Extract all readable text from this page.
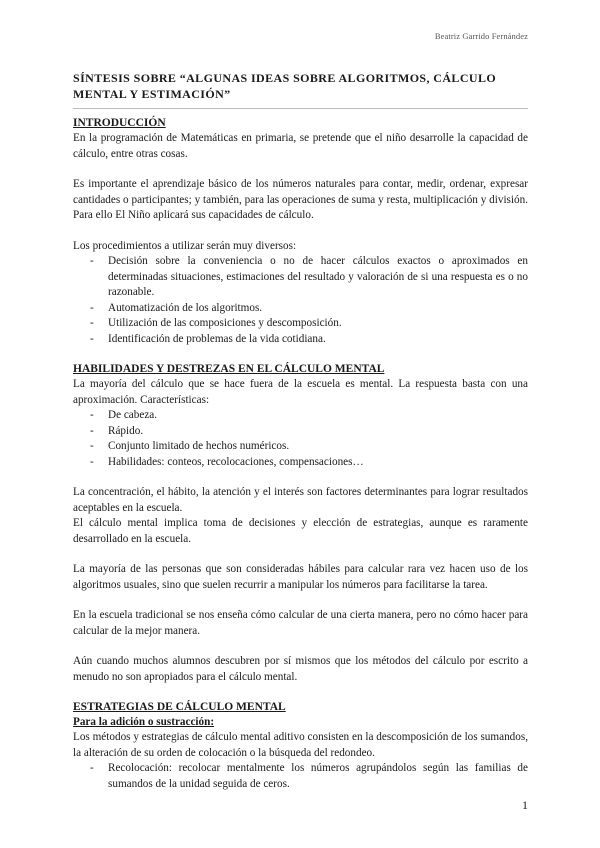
Beatriz Garrido Fernández
SÍNTESIS SOBRE “ALGUNAS IDEAS SOBRE ALGORITMOS, CÁLCULO MENTAL Y ESTIMACIÓN”
INTRODUCCIÓN

En la programación de Matemáticas en primaria, se pretende que el niño desarrolle la capacidad de cálculo, entre otras cosas.

Es importante el aprendizaje básico de los números naturales para contar, medir, ordenar, expresar cantidades o participantes; y también, para las operaciones de suma y resta, multiplicación y división. Para ello El Niño aplicará sus capacidades de cálculo.

Los procedimientos a utilizar serán muy diversos:

- Decisión sobre la conveniencia o no de hacer cálculos exactos o aproximados en determinadas situaciones, estimaciones del resultado y valoración de si una respuesta es o no razonable.
- Automatización de los algoritmos.
- Utilización de las composiciones y descomposición.
- Identificación de problemas de la vida cotidiana.
HABILIDADES Y DESTREZAS EN EL CÁLCULO MENTAL

La mayoría del cálculo que se hace fuera de la escuela es mental. La respuesta basta con una aproximación. Características:

- De cabeza.
- Rápido.
- Conjunto limitado de hechos numéricos.
- Habilidades: conteos, recolocaciones, compensaciones…

La concentración, el hábito, la atención y el interés son factores determinantes para lograr resultados aceptables en la escuela.

El cálculo mental implica toma de decisiones y elección de estrategias, aunque es raramente desarrollado en la escuela.

La mayoría de las personas que son consideradas hábiles para calcular rara vez hacen uso de los algoritmos usuales, sino que suelen recurrir a manipular los números para facilitarse la tarea.

En la escuela tradicional se nos enseña cómo calcular de una cierta manera, pero no cómo hacer para calcular de la mejor manera.

Aún cuando muchos alumnos descubren por sí mismos que los métodos del cálculo por escrito a menudo no son apropiados para el cálculo mental.

ESTRATEGIAS DE CÁLCULO MENTAL
Para la adición o sustracción:

Los métodos y estrategias de cálculo mental aditivo consisten en la descomposición de los sumandos, la alteración de su orden de colocación o la búsqueda del redondeo.

- Recolocación: recolocar mentalmente los números agrupándolos según las familias de sumandos de la unidad seguida de ceros.
1
